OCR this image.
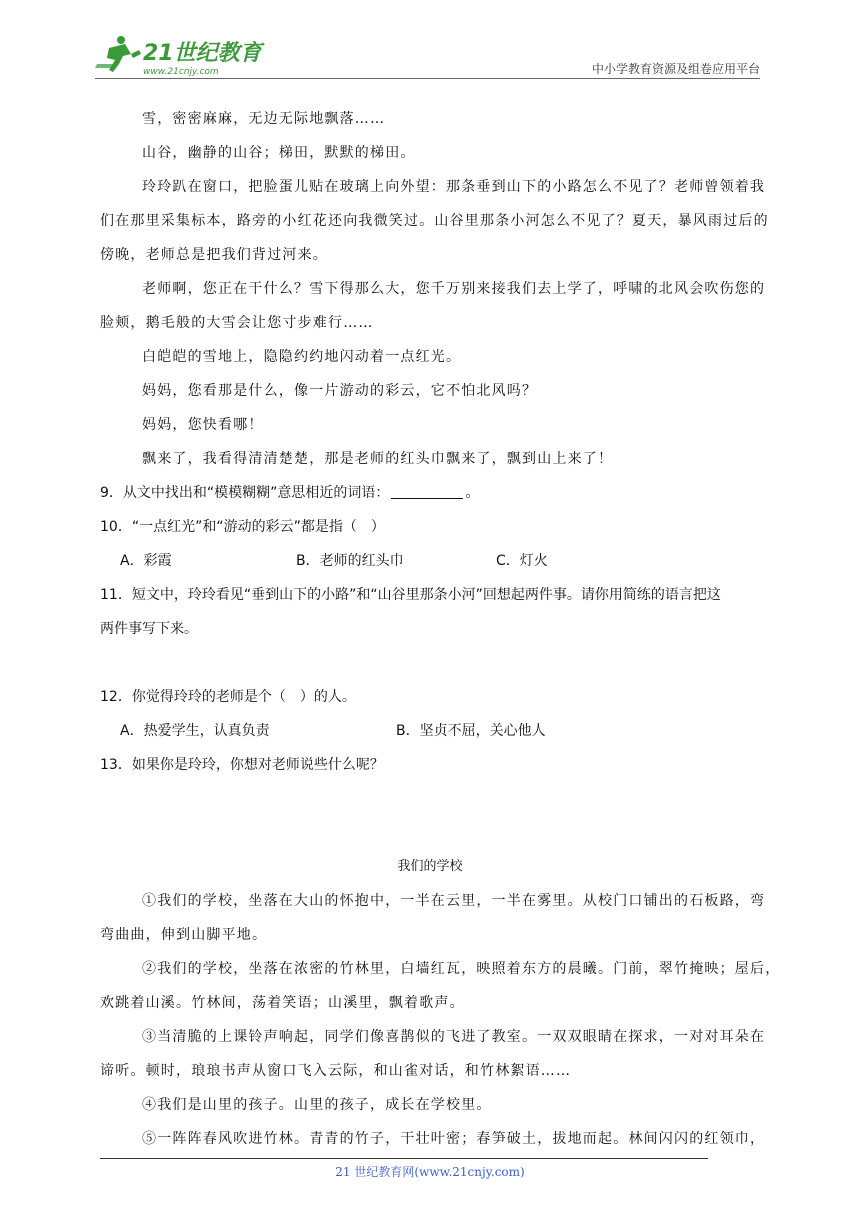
21世纪教育
www.21cnjy.com	中小学教育资源及组卷应用平台
雪，密密麻麻，无边无际地飘落……
山谷，幽静的山谷；梯田，默默的梯田。
玲玲趴在窗口，把脸蛋儿贴在玻璃上向外望：那条垂到山下的小路怎么不见了？老师曾领着我
们在那里采集标本，路旁的小红花还向我微笑过。山谷里那条小河怎么不见了？夏天，暴风雨过后的
傍晚，老师总是把我们背过河来。
老师啊，您正在干什么？雪下得那么大，您千万别来接我们去上学了，呼啸的北风会吹伤您的
脸颊，鹅毛般的大雪会让您寸步难行……
白皑皑的雪地上，隐隐约约地闪动着一点红光。
妈妈，您看那是什么，像一片游动的彩云，它不怕北风吗？
妈妈，您快看哪！
飘来了，我看得清清楚楚，那是老师的红头巾飘来了，飘到山上来了！
9．从文中找出和“模模糊糊”意思相近的词语：	。
10．“一点红光”和“游动的彩云”都是指（　）
A．彩霞	B．老师的红头巾	C．灯火
11．短文中，玲玲看见“垂到山下的小路”和“山谷里那条小河”回想起两件事。请你用简练的语言把这
两件事写下来。
12．你觉得玲玲的老师是个（　）的人。
A．热爱学生，认真负责	B．坚贞不屈，关心他人
13．如果你是玲玲，你想对老师说些什么呢？
我们的学校
①我们的学校，坐落在大山的怀抱中，一半在云里，一半在雾里。从校门口铺出的石板路，弯
弯曲曲，伸到山脚平地。
②我们的学校，坐落在浓密的竹林里，白墙红瓦，映照着东方的晨曦。门前，翠竹掩映；屋后，
欢跳着山溪。竹林间，荡着笑语；山溪里，飘着歌声。
③当清脆的上课铃声响起，同学们像喜鹊似的飞进了教室。一双双眼睛在探求，一对对耳朵在
谛听。顿时，琅琅书声从窗口飞入云际，和山雀对话，和竹林絮语……
④我们是山里的孩子。山里的孩子，成长在学校里。
⑤一阵阵春风吹进竹林。青青的竹子，干壮叶密；春笋破土，拔地而起。林间闪闪的红领巾，
21 世纪教育网(www.21cnjy.com)
